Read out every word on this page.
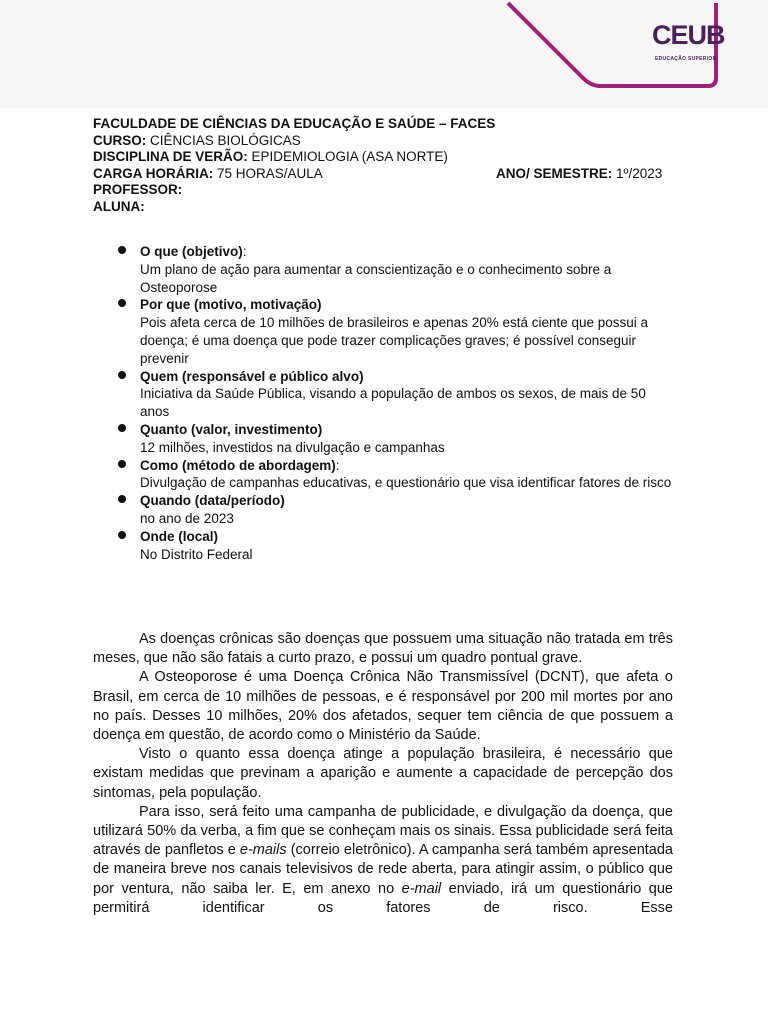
CEUB
EDUCAÇÃO SUPERIOR
FACULDADE DE CIÊNCIAS DA EDUCAÇÃO E SAÚDE – FACES
CURSO: CIÊNCIAS BIOLÓGICAS
DISCIPLINA DE VERÃO: EPIDEMIOLOGIA (ASA NORTE)
CARGA HORÁRIA: 75 HORAS/AULA	ANO/ SEMESTRE: 1º/2023
PROFESSOR:
ALUNA:
O que (objetivo):
Um plano de ação para aumentar a conscientização e o conhecimento sobre a Osteoporose
Por que (motivo, motivação)
Pois afeta cerca de 10 milhões de brasileiros e apenas 20% está ciente que possui a doença; é uma doença que pode trazer complicações graves; é possível conseguir prevenir
Quem (responsável e público alvo)
Iniciativa da Saúde Pública, visando a população de ambos os sexos, de mais de 50 anos
Quanto (valor, investimento)
12 milhões, investidos na divulgação e campanhas
Como (método de abordagem):
Divulgação de campanhas educativas, e questionário que visa identificar fatores de risco
Quando (data/período)
no ano de 2023
Onde (local)
No Distrito Federal

As doenças crônicas são doenças que possuem uma situação não tratada em três meses, que não são fatais a curto prazo, e possui um quadro pontual grave.

A Osteoporose é uma Doença Crônica Não Transmissível (DCNT), que afeta o Brasil, em cerca de 10 milhões de pessoas, e é responsável por 200 mil mortes por ano no país. Desses 10 milhões, 20% dos afetados, sequer tem ciência de que possuem a doença em questão, de acordo como o Ministério da Saúde.

Visto o quanto essa doença atinge a população brasileira, é necessário que existam medidas que previnam a aparição e aumente a capacidade de percepção dos sintomas, pela população.

Para isso, será feito uma campanha de publicidade, e divulgação da doença, que utilizará 50% da verba, a fim que se conheçam mais os sinais. Essa publicidade será feita através de panfletos e e-mails (correio eletrônico). A campanha será também apresentada de maneira breve nos canais televisivos de rede aberta, para atingir assim, o público que por ventura, não saiba ler. E, em anexo no e-mail enviado, irá um questionário que permitirá identificar os fatores de risco. Esse
